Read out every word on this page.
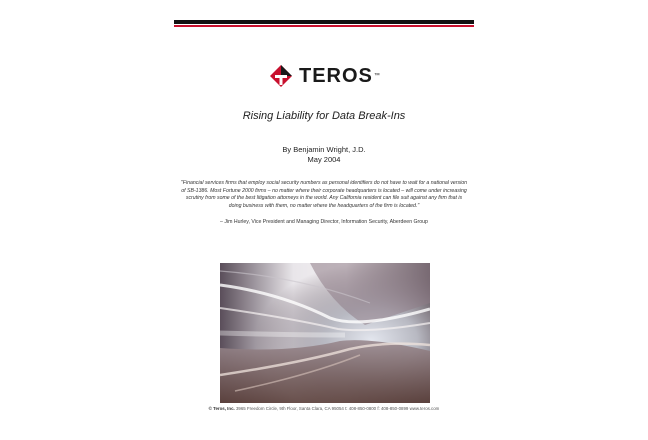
TEROS ™
Rising Liability for Data Break-Ins
By Benjamin Wright, J.D.
May 2004
"Financial services firms that employ social security numbers as personal identifiers do not have to wait for a national version of SB-1386. Most Fortune 2000 firms – no matter where their corporate headquarters is located – will come under increasing scrutiny from some of the best litigation attorneys in the world. Any California resident can file suit against any firm that is doing business with them, no matter where the headquarters of the firm is located."
– Jim Hurley, Vice President and Managing Director, Information Security, Aberdeen Group
© Teros, Inc. 3965 Freedom Circle, 9th Floor, Santa Clara, CA 95054 t: 408-850-0800 f: 408-850-0899 www.teros.com
